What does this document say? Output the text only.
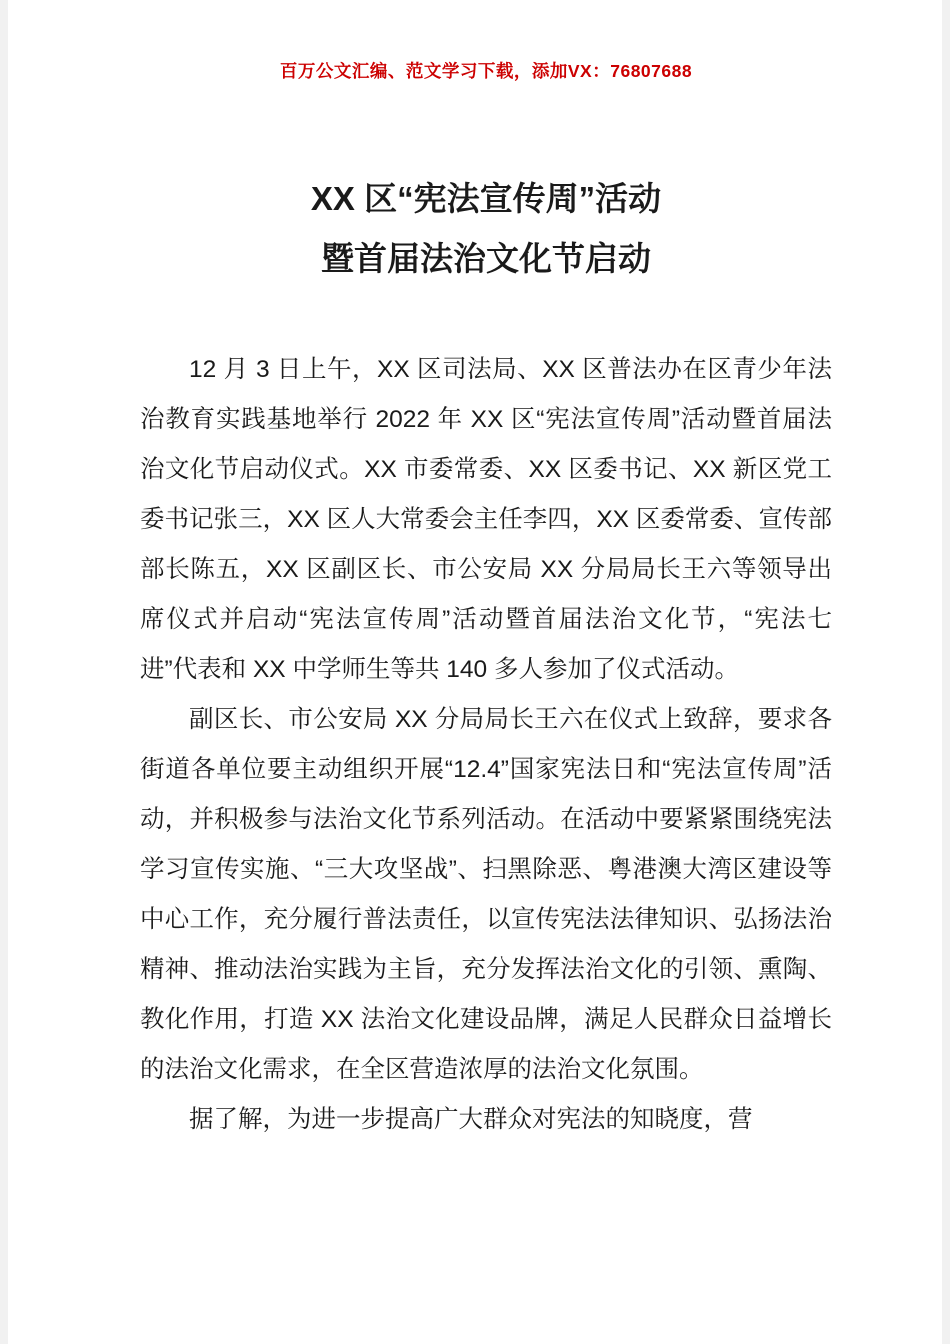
百万公文汇编、范文学习下载，添加VX：76807688
XX 区“宪法宣传周”活动
暨首届法治文化节启动

12 月 3 日上午，XX 区司法局、XX 区普法办在区青少年法治教育实践基地举行 2022 年 XX 区“宪法宣传周”活动暨首届法治文化节启动仪式。XX 市委常委、XX 区委书记、XX 新区党工委书记张三，XX 区人大常委会主任李四，XX 区委常委、宣传部部长陈五，XX 区副区长、市公安局 XX 分局局长王六等领导出席仪式并启动“宪法宣传周”活动暨首届法治文化节，“宪法七进”代表和 XX 中学师生等共 140 多人参加了仪式活动。

副区长、市公安局 XX 分局局长王六在仪式上致辞，要求各街道各单位要主动组织开展“12.4”国家宪法日和“宪法宣传周”活动，并积极参与法治文化节系列活动。在活动中要紧紧围绕宪法学习宣传实施、“三大攻坚战”、扫黑除恶、粤港澳大湾区建设等中心工作，充分履行普法责任，以宣传宪法法律知识、弘扬法治精神、推动法治实践为主旨，充分发挥法治文化的引领、熏陶、教化作用，打造 XX 法治文化建设品牌，满足人民群众日益增长的法治文化需求，在全区营造浓厚的法治文化氛围。

据了解，为进一步提高广大群众对宪法的知晓度，营
